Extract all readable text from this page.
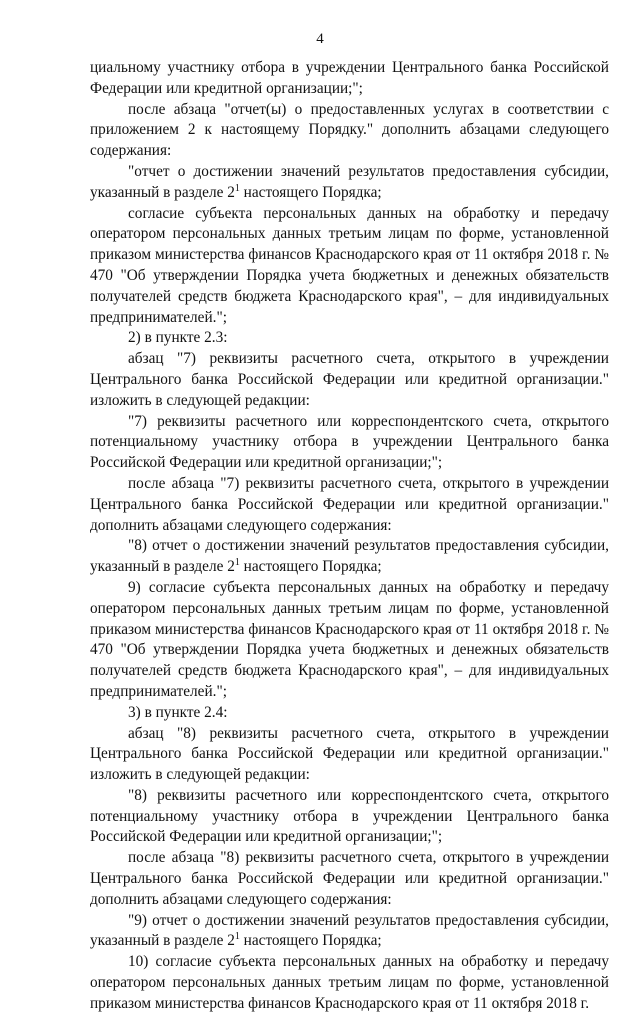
4

циальному участнику отбора в учреждении Центрального банка Российской Федерации или кредитной организации;";

после абзаца "отчет(ы) о предоставленных услугах в соответствии с приложением 2 к настоящему Порядку." дополнить абзацами следующего содержания:

"отчет о достижении значений результатов предоставления субсидии, указанный в разделе $2^1$ настоящего Порядка;

согласие субъекта персональных данных на обработку и передачу оператором персональных данных третьим лицам по форме, установленной приказом министерства финансов Краснодарского края от 11 октября 2018 г. № 470 "Об утверждении Порядка учета бюджетных и денежных обязательств получателей средств бюджета Краснодарского края", – для индивидуальных предпринимателей.";

2) в пункте 2.3:

абзац "7) реквизиты расчетного счета, открытого в учреждении Центрального банка Российской Федерации или кредитной организации." изложить в следующей редакции:

"7) реквизиты расчетного или корреспондентского счета, открытого потенциальному участнику отбора в учреждении Центрального банка Российской Федерации или кредитной организации;";

после абзаца "7) реквизиты расчетного счета, открытого в учреждении Центрального банка Российской Федерации или кредитной организации." дополнить абзацами следующего содержания:

"8) отчет о достижении значений результатов предоставления субсидии, указанный в разделе $2^1$ настоящего Порядка;

9) согласие субъекта персональных данных на обработку и передачу оператором персональных данных третьим лицам по форме, установленной приказом министерства финансов Краснодарского края от 11 октября 2018 г. № 470 "Об утверждении Порядка учета бюджетных и денежных обязательств получателей средств бюджета Краснодарского края", – для индивидуальных предпринимателей.";

3) в пункте 2.4:

абзац "8) реквизиты расчетного счета, открытого в учреждении Центрального банка Российской Федерации или кредитной организации." изложить в следующей редакции:

"8) реквизиты расчетного или корреспондентского счета, открытого потенциальному участнику отбора в учреждении Центрального банка Российской Федерации или кредитной организации;";

после абзаца "8) реквизиты расчетного счета, открытого в учреждении Центрального банка Российской Федерации или кредитной организации." дополнить абзацами следующего содержания:

"9) отчет о достижении значений результатов предоставления субсидии, указанный в разделе $2^1$ настоящего Порядка;

10) согласие субъекта персональных данных на обработку и передачу оператором персональных данных третьим лицам по форме, установленной приказом министерства финансов Краснодарского края от 11 октября 2018 г.
